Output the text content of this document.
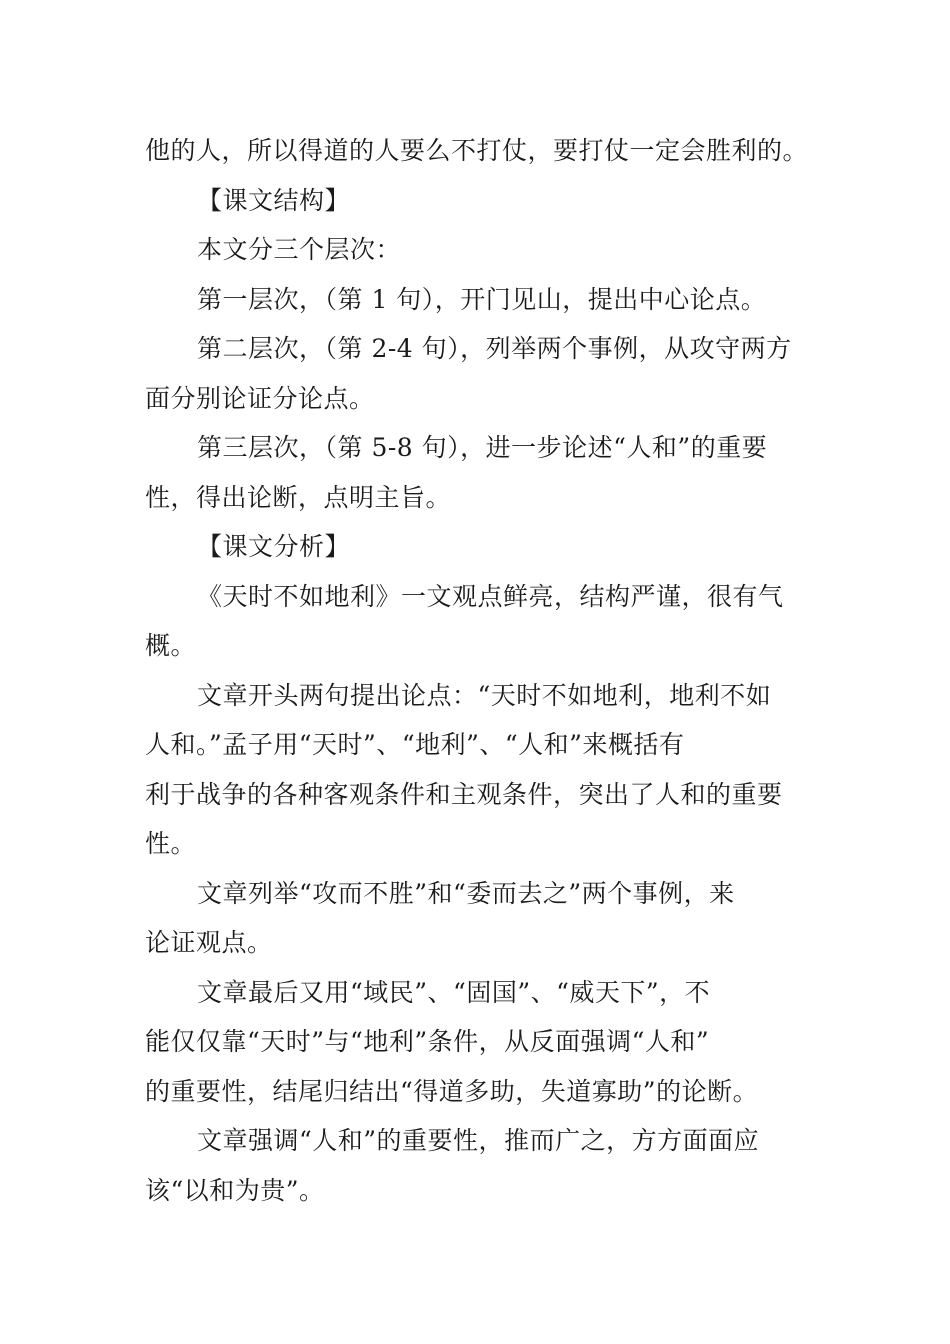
他的人，所以得道的人要么不打仗，要打仗一定会胜利的。
【课文结构】
本文分三个层次：
第一层次，（第 1 句），开门见山，提出中心论点。
第二层次，（第 2-4 句），列举两个事例，从攻守两方
面分别论证分论点。
第三层次，（第 5-8 句），进一步论述“人和”的重要
性，得出论断，点明主旨。
【课文分析】
《天时不如地利》一文观点鲜亮，结构严谨，很有气
概。
文章开头两句提出论点：“天时不如地利，地利不如
人和。”孟子用“天时”、“地利”、“人和”来概括有
利于战争的各种客观条件和主观条件，突出了人和的重要
性。
文章列举“攻而不胜”和“委而去之”两个事例，来
论证观点。
文章最后又用“域民”、“固国”、“威天下”，不
能仅仅靠“天时”与“地利”条件，从反面强调“人和”
的重要性，结尾归结出“得道多助，失道寡助”的论断。
文章强调“人和”的重要性，推而广之，方方面面应
该“以和为贵”。
